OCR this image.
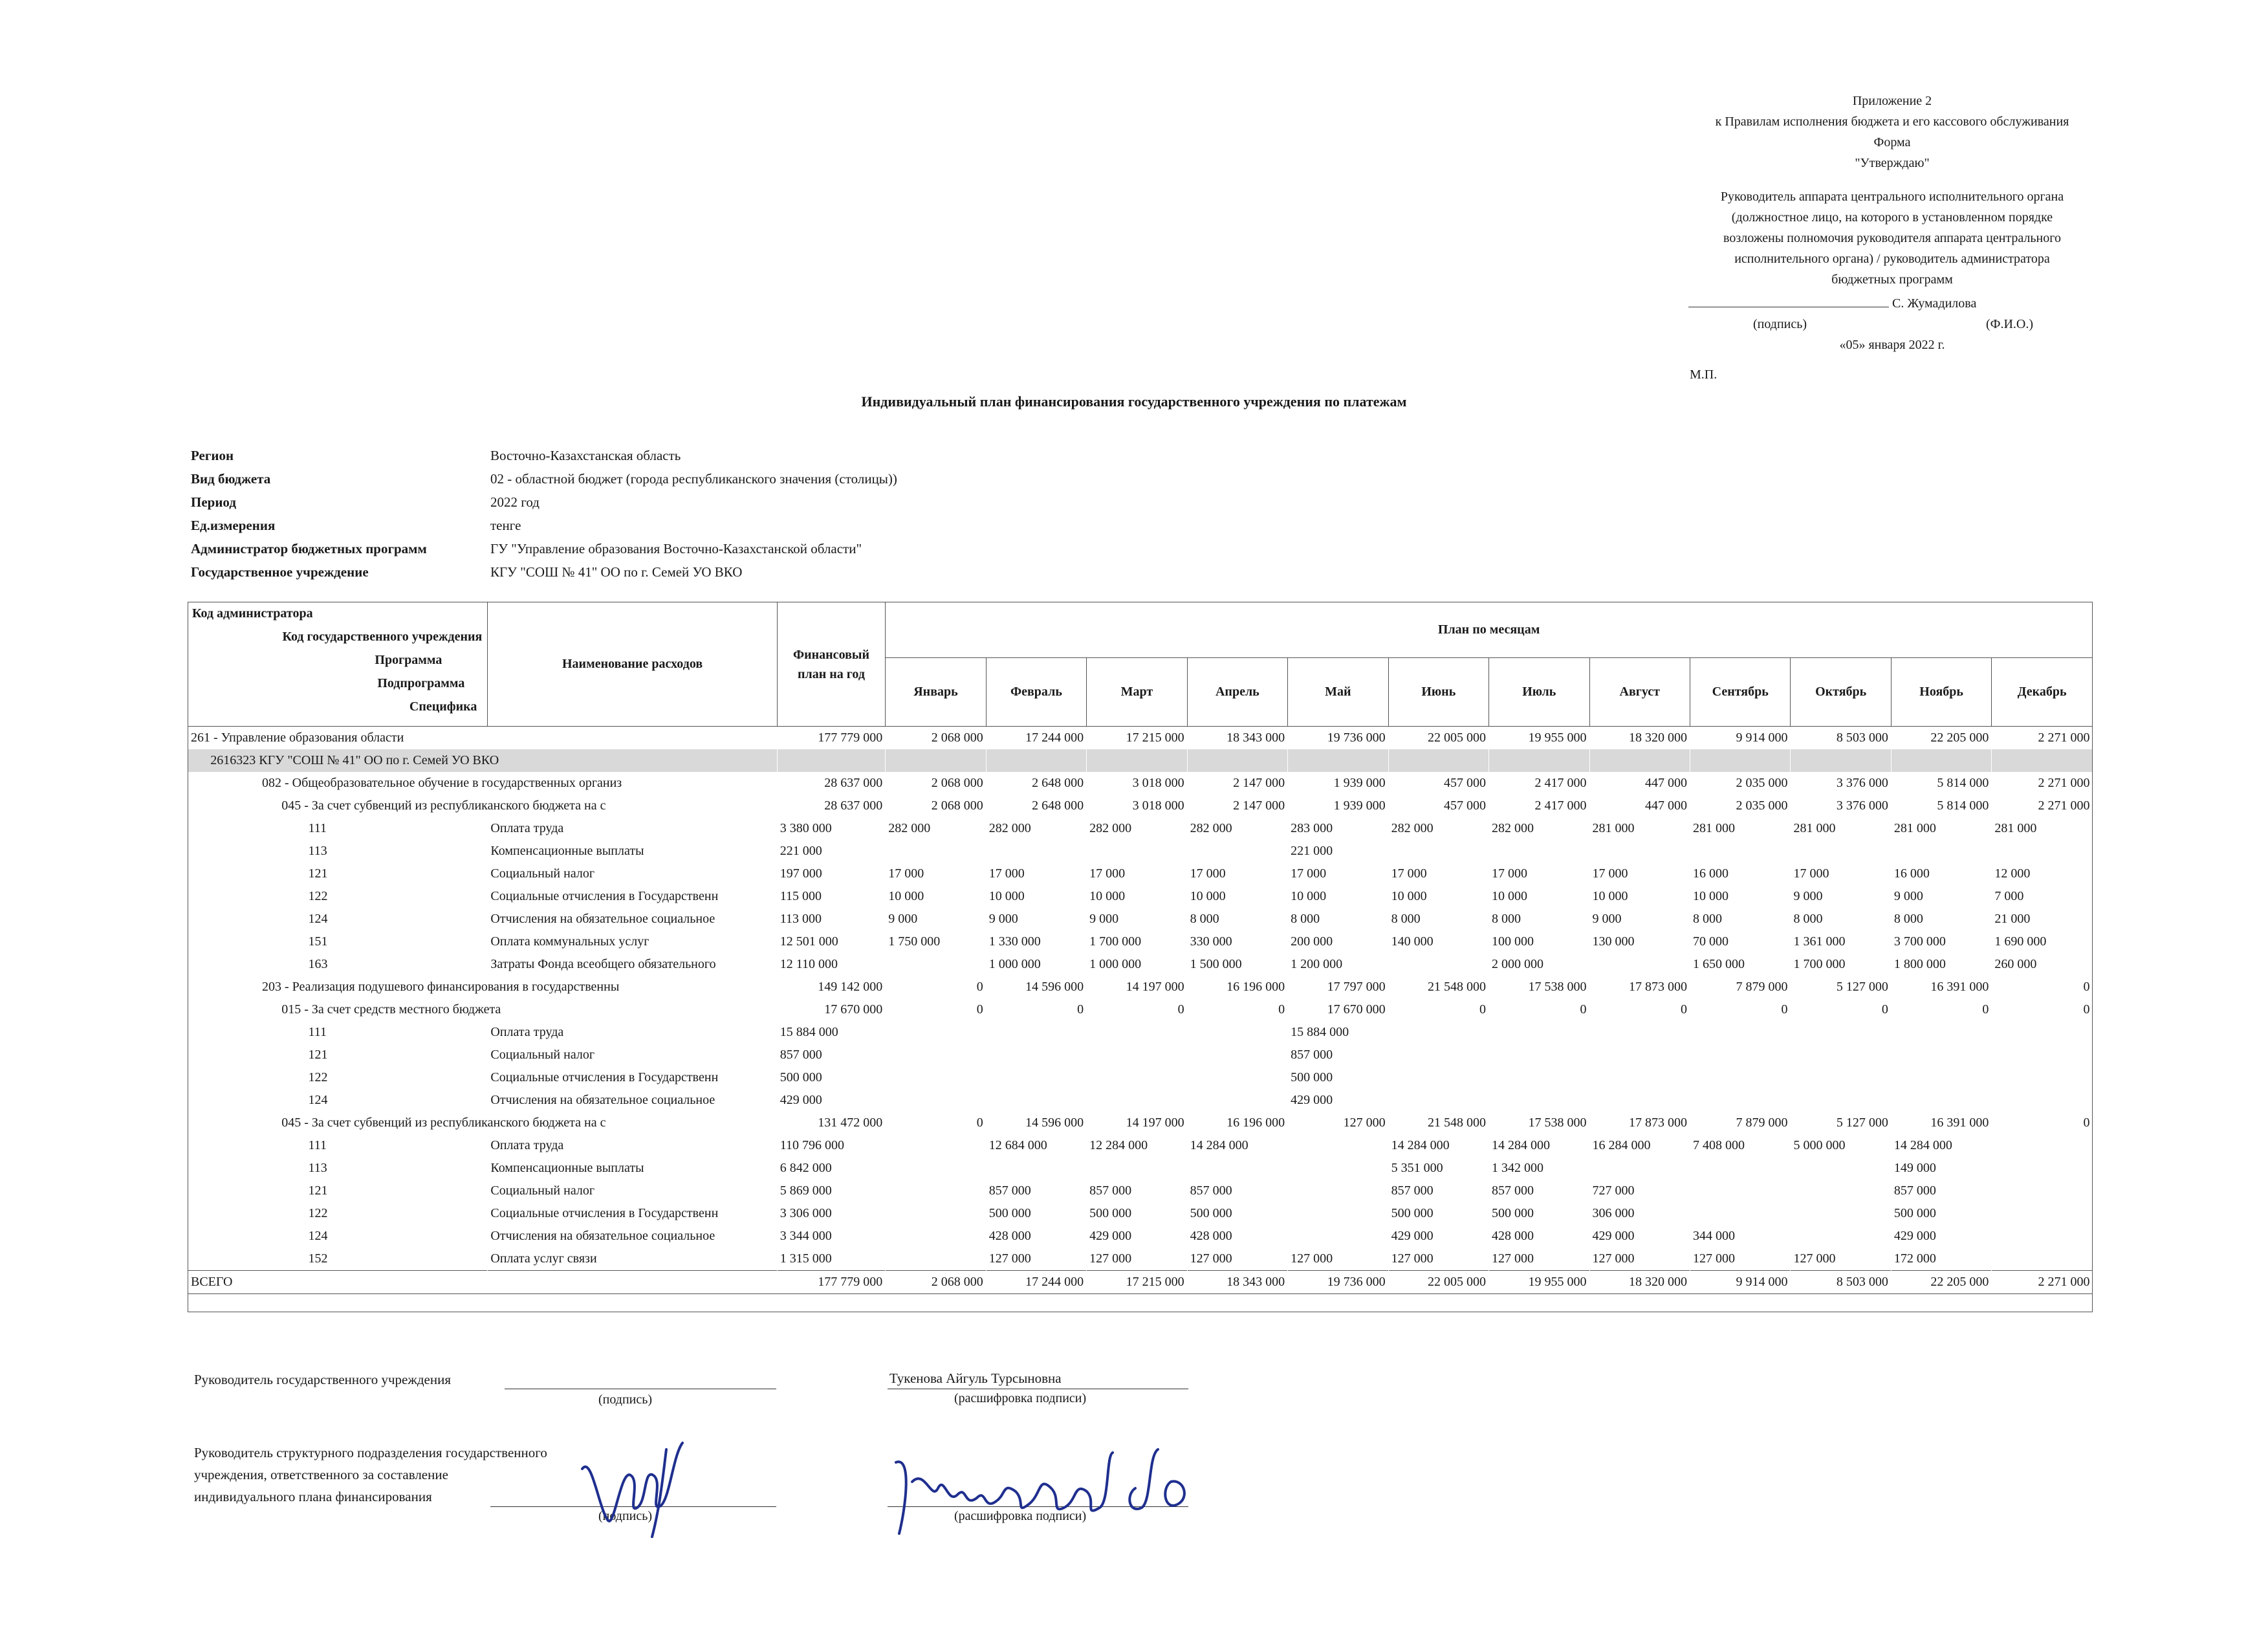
Приложение 2
к Правилам исполнения бюджета и его кассового обслуживания
Форма
"Утверждаю"
Руководитель аппарата центрального исполнительного органа
(должностное лицо, на которого в установленном порядке
возложены полномочия руководителя аппарата центрального
исполнительного органа) / руководитель администратора
бюджетных программ
С. Жумадилова
(подпись)	(Ф.И.О.)
«05» января 2022 г.
М.П.
Индивидуальный план финансирования государственного учреждения по платежам
Регион	Восточно-Казахстанская область
Вид бюджета	02 - областной бюджет (города республиканского значения (столицы))
Период	2022 год
Ед.измерения	тенге
Администратор бюджетных программ	ГУ "Управление образования Восточно-Казахстанской области"
Государственное учреждение	КГУ "СОШ № 41" ОО по г. Семей УО ВКО
Код администратора
Код государственного учреждения
Программа
Подпрограмма
Специфика	Наименование расходов	Финансовый план на год	План по месяцам											
			Январь	Февраль	Март	Апрель	Май	Июнь	Июль	Август	Сентябрь	Октябрь	Ноябрь	Декабрь
261 - Управление образования области		177 779 000	2 068 000	17 244 000	17 215 000	18 343 000	19 736 000	22 005 000	19 955 000	18 320 000	9 914 000	8 503 000	22 205 000	2 271 000
2616323 КГУ "СОШ № 41" ОО по г. Семей УО ВКО														
082 - Общеобразовательное обучение в государственных организ		28 637 000	2 068 000	2 648 000	3 018 000	2 147 000	1 939 000	457 000	2 417 000	447 000	2 035 000	3 376 000	5 814 000	2 271 000
045 - За счет субвенций из республиканского бюджета на с		28 637 000	2 068 000	2 648 000	3 018 000	2 147 000	1 939 000	457 000	2 417 000	447 000	2 035 000	3 376 000	5 814 000	2 271 000
111	Оплата труда	3 380 000	282 000	282 000	282 000	282 000	283 000	282 000	282 000	281 000	281 000	281 000	281 000	281 000
113	Компенсационные выплаты	221 000					221 000							
121	Социальный налог	197 000	17 000	17 000	17 000	17 000	17 000	17 000	17 000	17 000	16 000	17 000	16 000	12 000
122	Социальные отчисления в Государственн	115 000	10 000	10 000	10 000	10 000	10 000	10 000	10 000	10 000	10 000	9 000	9 000	7 000
124	Отчисления на обязательное социальное	113 000	9 000	9 000	9 000	8 000	8 000	8 000	8 000	9 000	8 000	8 000	8 000	21 000
151	Оплата коммунальных услуг	12 501 000	1 750 000	1 330 000	1 700 000	330 000	200 000	140 000	100 000	130 000	70 000	1 361 000	3 700 000	1 690 000
163	Затраты Фонда всеобщего обязательного	12 110 000		1 000 000	1 000 000	1 500 000	1 200 000		2 000 000		1 650 000	1 700 000	1 800 000	260 000
203 - Реализация подушевого финансирования в государственны		149 142 000	0	14 596 000	14 197 000	16 196 000	17 797 000	21 548 000	17 538 000	17 873 000	7 879 000	5 127 000	16 391 000	0
015 - За счет средств местного бюджета		17 670 000	0	0	0	0	17 670 000	0	0	0	0	0	0	0
111	Оплата труда	15 884 000					15 884 000							
121	Социальный налог	857 000					857 000							
122	Социальные отчисления в Государственн	500 000					500 000							
124	Отчисления на обязательное социальное	429 000					429 000							
045 - За счет субвенций из республиканского бюджета на с		131 472 000	0	14 596 000	14 197 000	16 196 000	127 000	21 548 000	17 538 000	17 873 000	7 879 000	5 127 000	16 391 000	0
111	Оплата труда	110 796 000		12 684 000	12 284 000	14 284 000		14 284 000	14 284 000	16 284 000	7 408 000	5 000 000	14 284 000	
113	Компенсационные выплаты	6 842 000						5 351 000	1 342 000				149 000	
121	Социальный налог	5 869 000		857 000	857 000	857 000		857 000	857 000	727 000			857 000	
122	Социальные отчисления в Государственн	3 306 000		500 000	500 000	500 000		500 000	500 000	306 000			500 000	
124	Отчисления на обязательное социальное	3 344 000		428 000	429 000	428 000		429 000	428 000	429 000	344 000		429 000	
152	Оплата услуг связи	1 315 000		127 000	127 000	127 000	127 000	127 000	127 000	127 000	127 000	127 000	172 000	
ВСЕГО		177 779 000	2 068 000	17 244 000	17 215 000	18 343 000	19 736 000	22 005 000	19 955 000	18 320 000	9 914 000	8 503 000	22 205 000	2 271 000
Руководитель государственного учреждения
(подпись)
Тукенова Айгуль Турсыновна
(расшифровка подписи)
Руководитель структурного подразделения государственного
учреждения, ответственного за составление
индивидуального плана финансирования
(подпись)	(расшифровка подписи)
